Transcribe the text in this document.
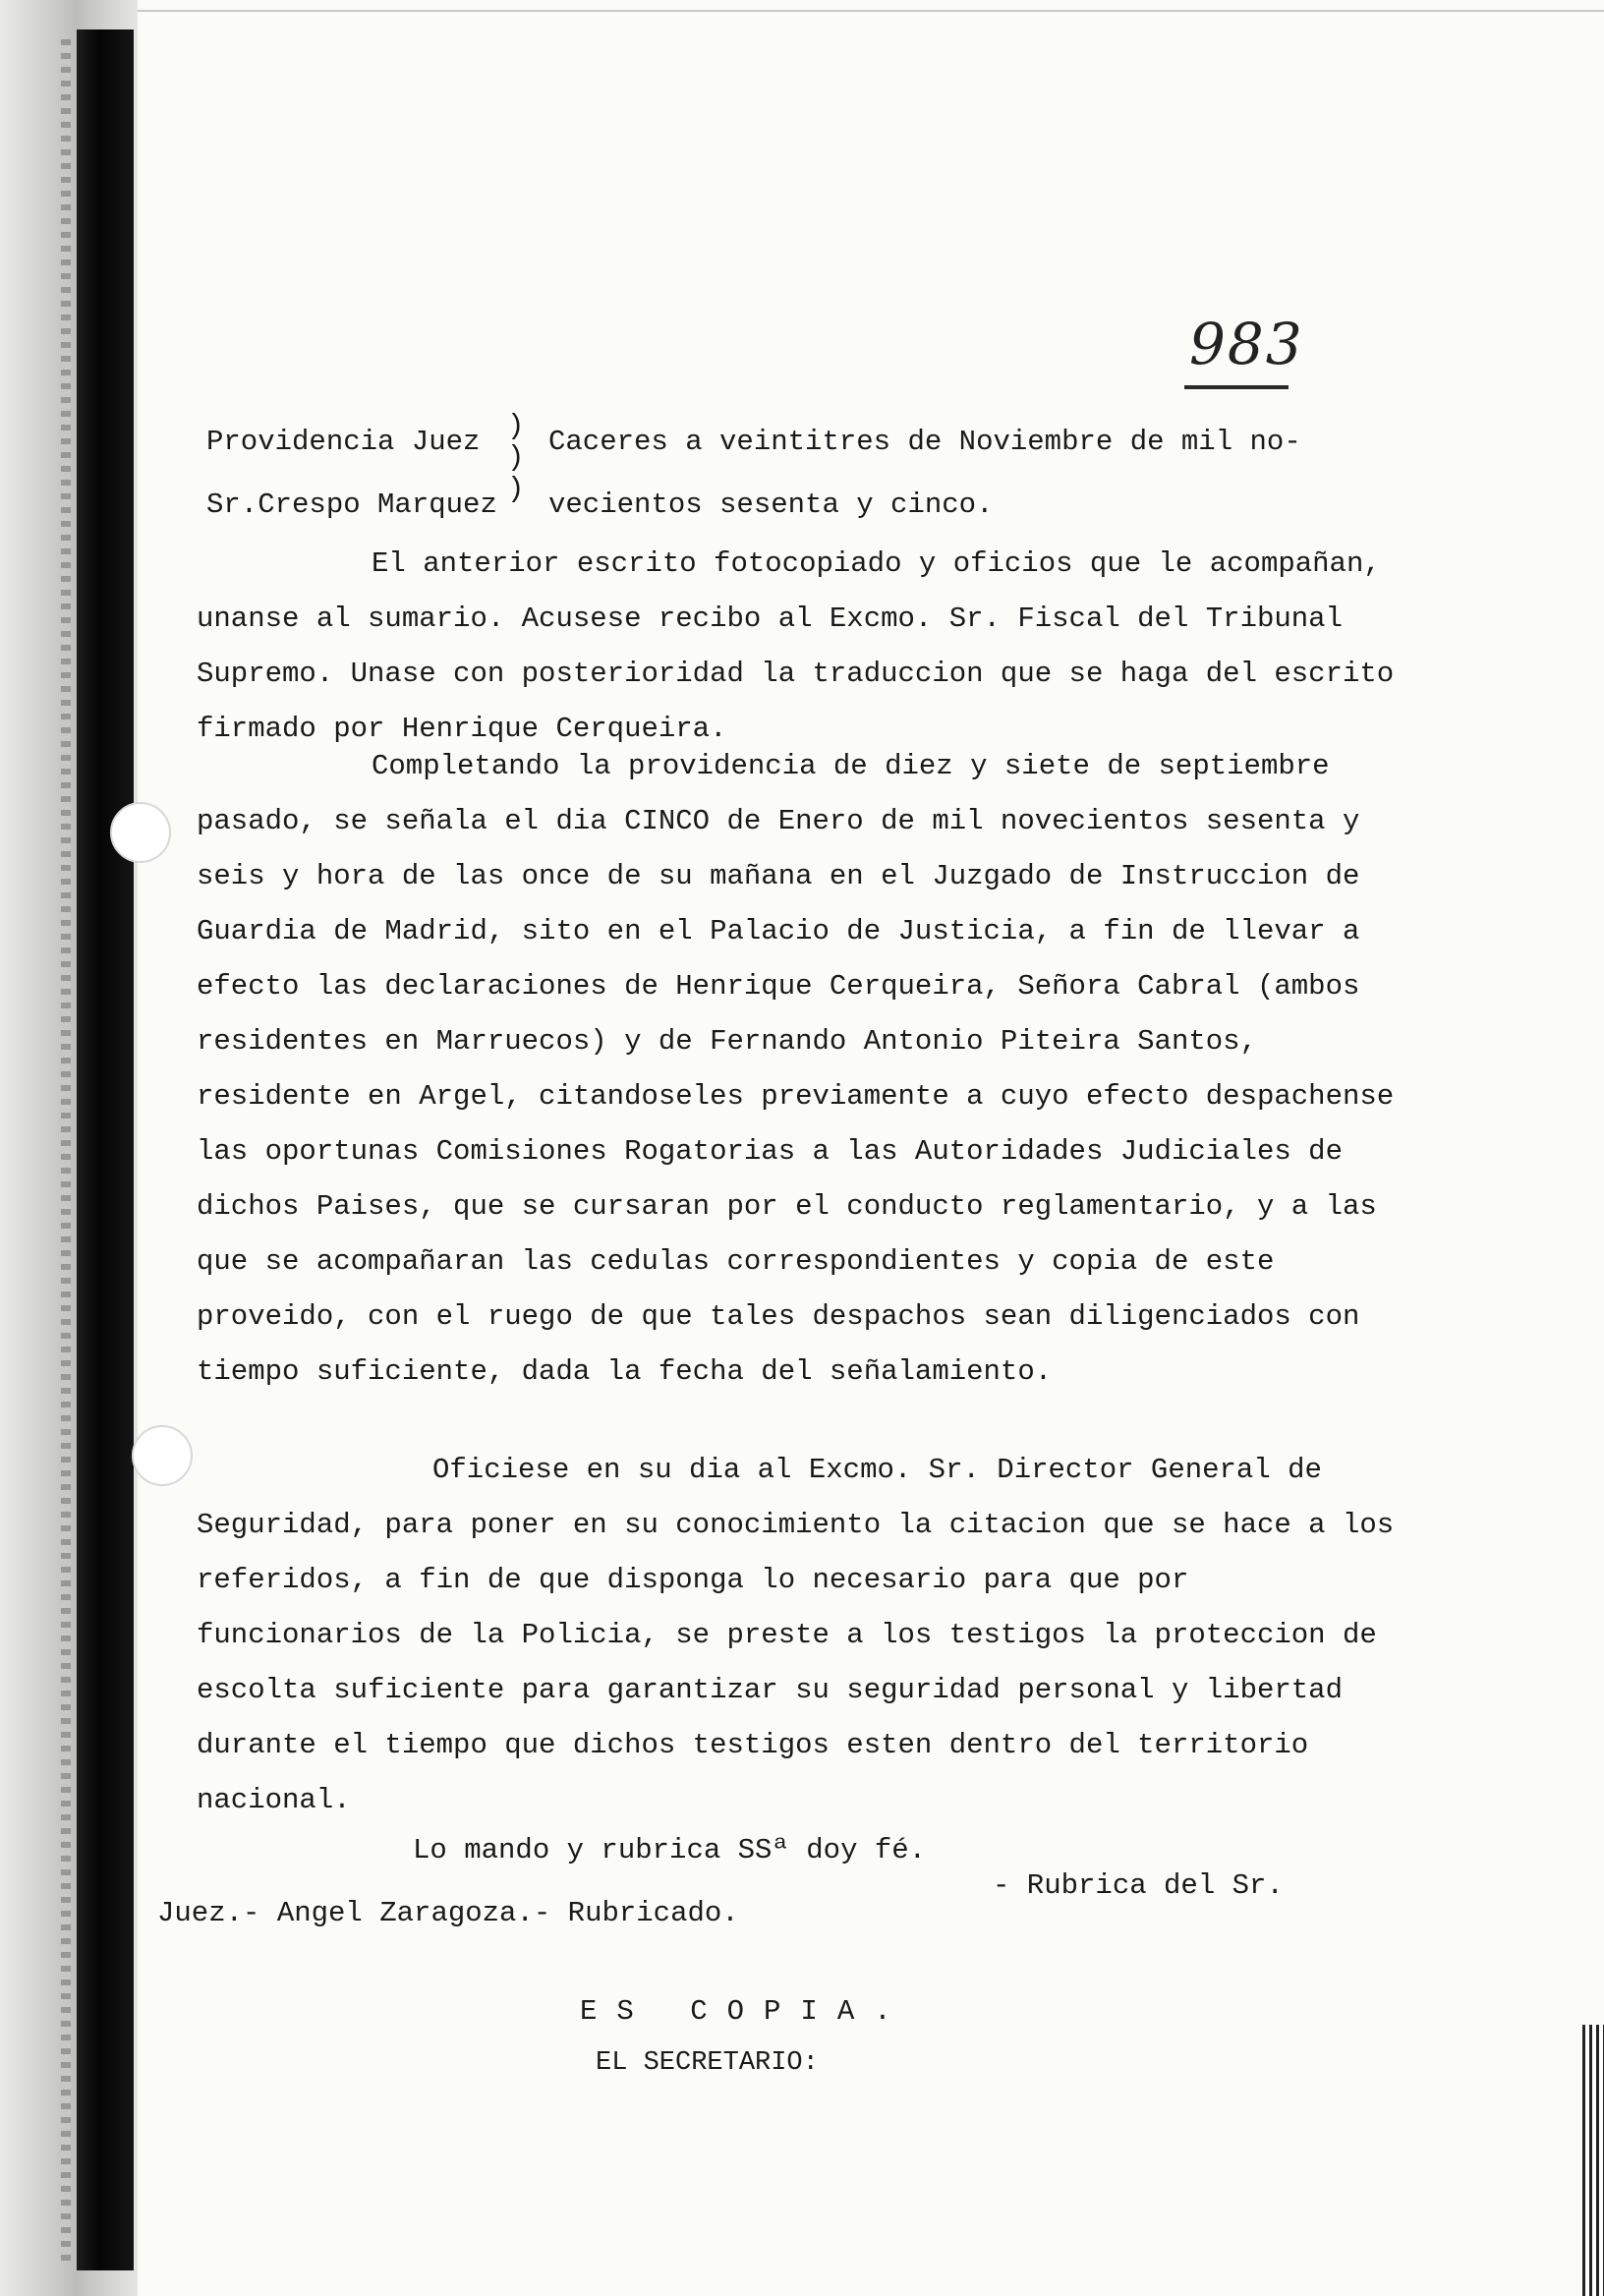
983
Providencia Juez
Sr.Crespo Marquez
)
)
)
Caceres a veintitres de Noviembre de mil no-
vecientos sesenta y cinco.
El anterior escrito fotocopiado y oficios que le acompañan, unanse al sumario. Acusese recibo al Excmo. Sr. Fiscal del Tribunal Supremo. Unase con posterioridad la traduccion que se haga del escrito firmado por Henrique Cerqueira.
Completando la providencia de diez y siete de septiembre pasado, se señala el dia CINCO de Enero de mil novecientos sesenta y seis y hora de las once de su mañana en el Juzgado de Instruccion de Guardia de Madrid, sito en el Palacio de Justicia, a fin de llevar a efecto las declaraciones de Henrique Cerqueira, Señora Cabral (ambos residentes en Marruecos) y de Fernando Antonio Piteira Santos, residente en Argel, citandoseles previamente a cuyo efecto despachense las oportunas Comisiones Rogatorias a las Autoridades Judiciales de dichos Paises, que se cursaran por el conducto reglamentario, y a las que se acompañaran las cedulas correspondientes y copia de este proveido, con el ruego de que tales despachos sean diligenciados con tiempo suficiente, dada la fecha del señalamiento.
Oficiese en su dia al Excmo. Sr. Director General de Seguridad, para poner en su conocimiento la citacion que se hace a los referidos, a fin de que disponga lo necesario para que por funcionarios de la Policia, se preste a los testigos la proteccion de escolta suficiente para garantizar su seguridad personal y libertad durante el tiempo que dichos testigos esten dentro del territorio nacional.
Lo mando y rubrica SSª doy fé.
- Rubrica del Sr.
Juez.- Angel Zaragoza.- Rubricado.
ES COPIA.
EL SECRETARIO:
